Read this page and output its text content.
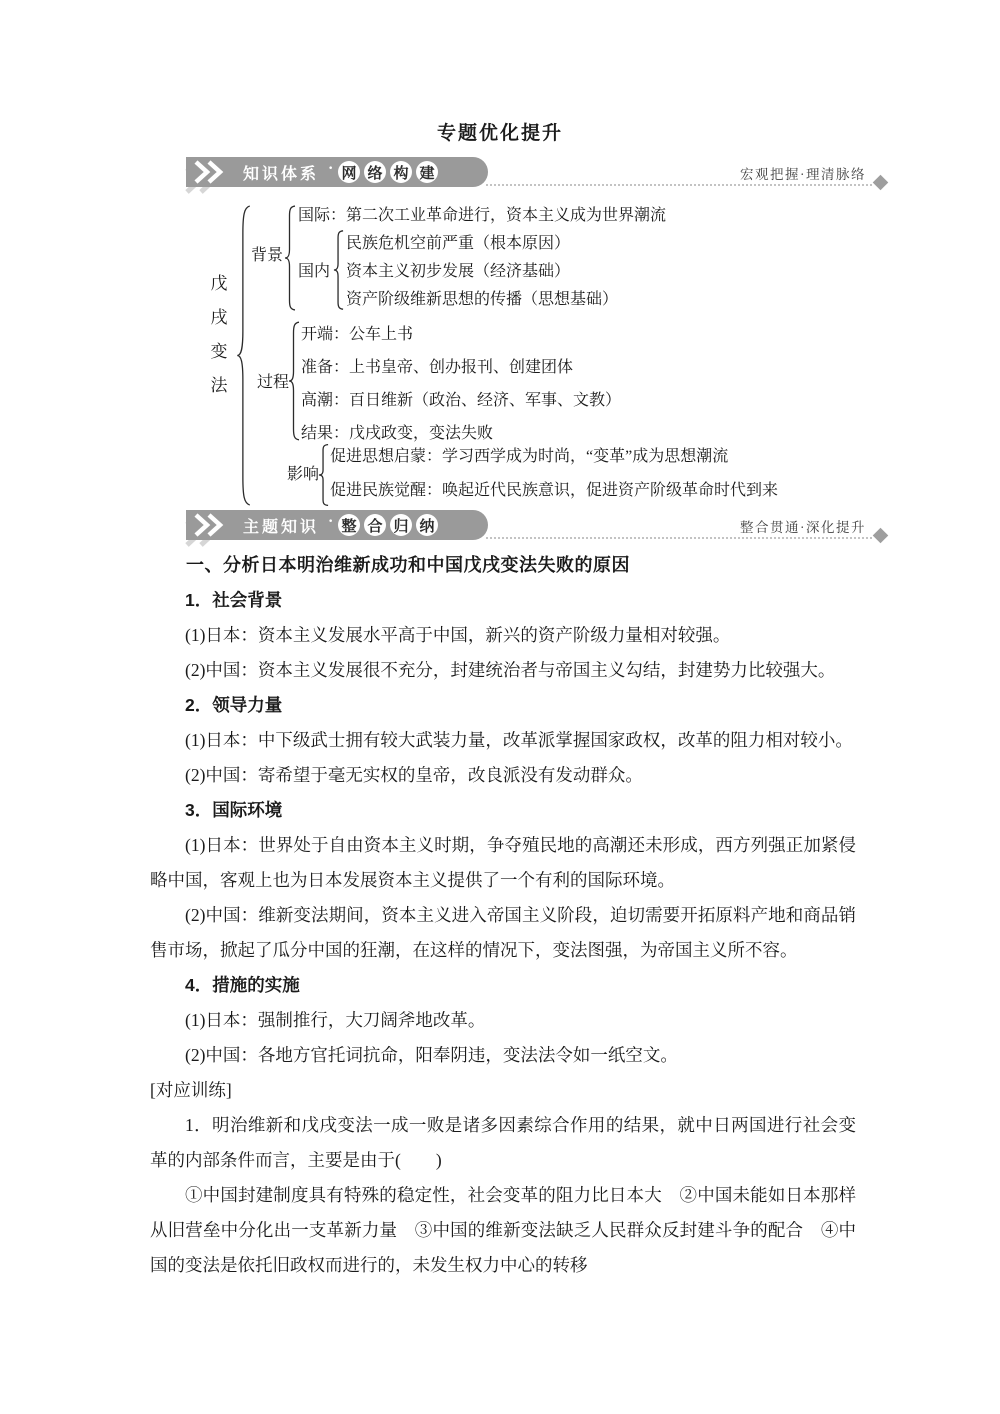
专题优化提升
知识体系 · 网 络 构 建	宏观把握·理清脉络
戊
戌
变
法
背景
国际：第二次工业革命进行，资本主义成为世界潮流
国内
民族危机空前严重（根本原因）
资本主义初步发展（经济基础）
资产阶级维新思想的传播（思想基础）
过程
开端：公车上书
准备：上书皇帝、创办报刊、创建团体
高潮：百日维新（政治、经济、军事、文教）
结果：戊戌政变，变法失败
影响
促进思想启蒙：学习西学成为时尚，“变革”成为思想潮流
促进民族觉醒：唤起近代民族意识，促进资产阶级革命时代到来
主题知识 · 整 合 归 纳	整合贯通·深化提升

一、分析日本明治维新成功和中国戊戌变法失败的原因

1．社会背景

(1)日本：资本主义发展水平高于中国，新兴的资产阶级力量相对较强。

(2)中国：资本主义发展很不充分，封建统治者与帝国主义勾结，封建势力比较强大。

2．领导力量

(1)日本：中下级武士拥有较大武装力量，改革派掌握国家政权，改革的阻力相对较小。

(2)中国：寄希望于毫无实权的皇帝，改良派没有发动群众。

3．国际环境

(1)日本：世界处于自由资本主义时期，争夺殖民地的高潮还未形成，西方列强正加紧侵略中国，客观上也为日本发展资本主义提供了一个有利的国际环境。

(2)中国：维新变法期间，资本主义进入帝国主义阶段，迫切需要开拓原料产地和商品销售市场，掀起了瓜分中国的狂潮，在这样的情况下，变法图强，为帝国主义所不容。

4．措施的实施

(1)日本：强制推行，大刀阔斧地改革。

(2)中国：各地方官托词抗命，阳奉阴违，变法法令如一纸空文。

[对应训练]

1．明治维新和戊戌变法一成一败是诸多因素综合作用的结果，就中日两国进行社会变革的内部条件而言，主要是由于(　　)

①中国封建制度具有特殊的稳定性，社会变革的阻力比日本大　②中国未能如日本那样从旧营垒中分化出一支革新力量　③中国的维新变法缺乏人民群众反封建斗争的配合　④中国的变法是依托旧政权而进行的，未发生权力中心的转移
